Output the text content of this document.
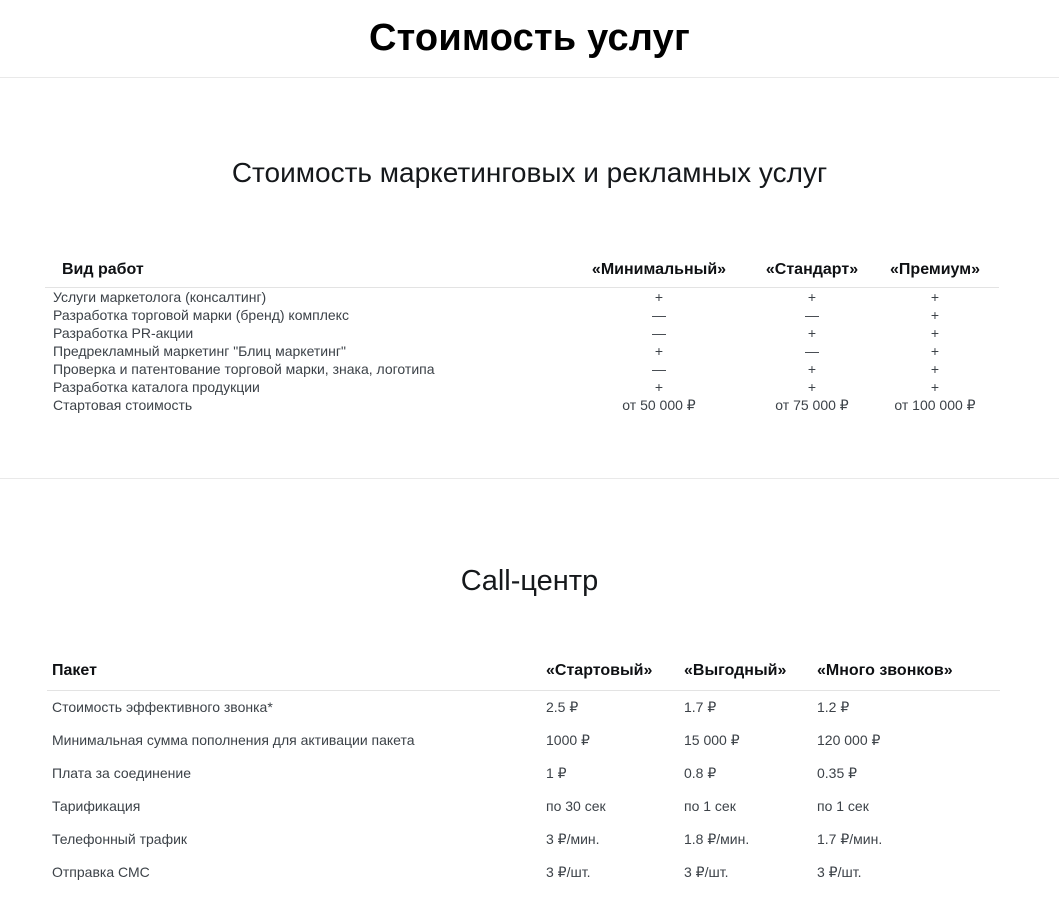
Стоимость услуг
Стоимость маркетинговых и рекламных услуг
Вид работ	«Минимальный»	«Стандарт»	«Премиум»
Услуги маркетолога (консалтинг)	+	+	+
Разработка торговой марки (бренд) комплекс	—	—	+
Разработка PR-акции	—	+	+
Предрекламный маркетинг "Блиц маркетинг"	+	—	+
Проверка и патентование торговой марки, знака, логотипа	—	+	+
Разработка каталога продукции	+	+	+
Стартовая стоимость	от 50 000 ₽	от 75 000 ₽	от 100 000 ₽
Call-центр
Пакет	«Стартовый»	«Выгодный»	«Много звонков»
Стоимость эффективного звонка*	2.5 ₽	1.7 ₽	1.2 ₽
Минимальная сумма пополнения для активации пакета	1000 ₽	15 000 ₽	120 000 ₽
Плата за соединение	1 ₽	0.8 ₽	0.35 ₽
Тарификация	по 30 сек	по 1 сек	по 1 сек
Телефонный трафик	3 ₽/мин.	1.8 ₽/мин.	1.7 ₽/мин.
Отправка СМС	3 ₽/шт.	3 ₽/шт.	3 ₽/шт.
